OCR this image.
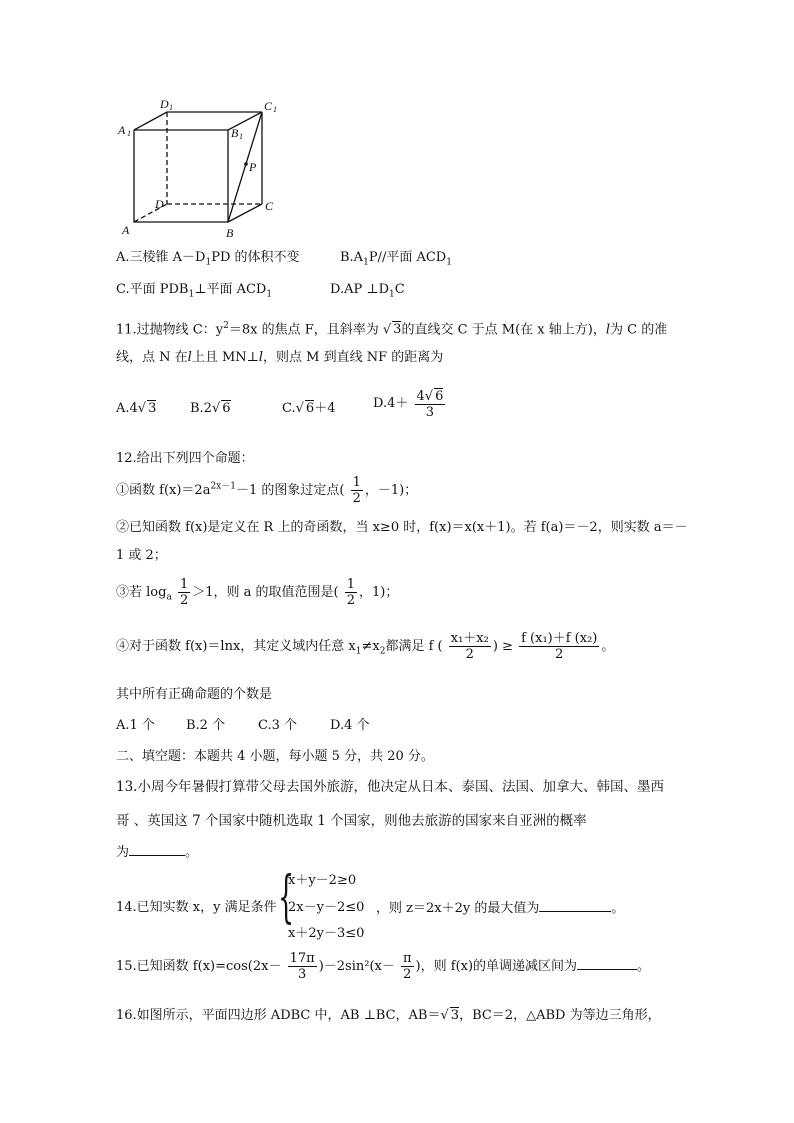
D 1	C 1
A 1	B 1
P
D	C
A	B
A.三棱锥 $A-D_1PD$ 的体积不变	$B.A_1P//$平面 $ACD_1$
C.平面 $PDB_1\perp$平面 $ACD_1$	D.AP $\perp D_1C$
11.过抛物线 C：$y^2=8x$ 的焦点 F，且斜率为 √ 3的直线交 C 于点 M(在 x 轴上方)，l为 C 的准
线，点 N 在l上且 MN⊥l，则点 M 到直线 NF 的距离为
A.4√ 3	B.2√ 6	C.√ 6＋4	$D.4+ \frac{4√ 6}{3}$
12.给出下列四个命题：
①函数 $f(x)=2a^{2x-1}-1$ 的图象过定点( $\frac{1}{2}$ ，－1)；
②已知函数 f(x)是定义在 R 上的奇函数，当 x≥0 时，f(x)＝x(x＋1)。若 f(a)＝－2，则实数 a＝－
1 或 2；
③若 $\log_a \frac{1}{2} >1$，则 a 的取值范围是( $\frac{1}{2}$ ，1)；
④对于函数 f(x)＝lnx，其定义域内任意 $x_1\ne x_2$都满足 f ( $\frac{\text{x₁＋x₂}}{2}$ ) ≥ $\frac{\text{f (x₁)＋f (x₂)}}{2}$ 。
其中所有正确命题的个数是
A.1 个 B.2 个	C.3 个	D.4 个
二、填空题：本题共 4 小题，每小题 5 分，共 20 分。
13.小周今年暑假打算带父母去国外旅游，他决定从日本、泰国、法国、加拿大、韩国、墨西
哥 、英国这 7 个国家中随机选取 1 个国家，则他去旅游的国家来自亚洲的概率
为	。
14.已知实数 x，y 满足条件 {
x＋y－2≥0
2x－y－2≤0
x＋2y－3≤0
，则 z＝2x＋2y 的最大值为	。
15.已知函数 $f(x)=\cos(2x- \frac{17\pi}{3} )-2\sin^2(x- \frac{\pi}{2}$ )，则 f(x)的单调递减区间为	。
16.如图所示，平面四边形 ADBC 中，AB ⊥BC，AB＝√ 3，BC＝2，△ABD 为等边三角形，
